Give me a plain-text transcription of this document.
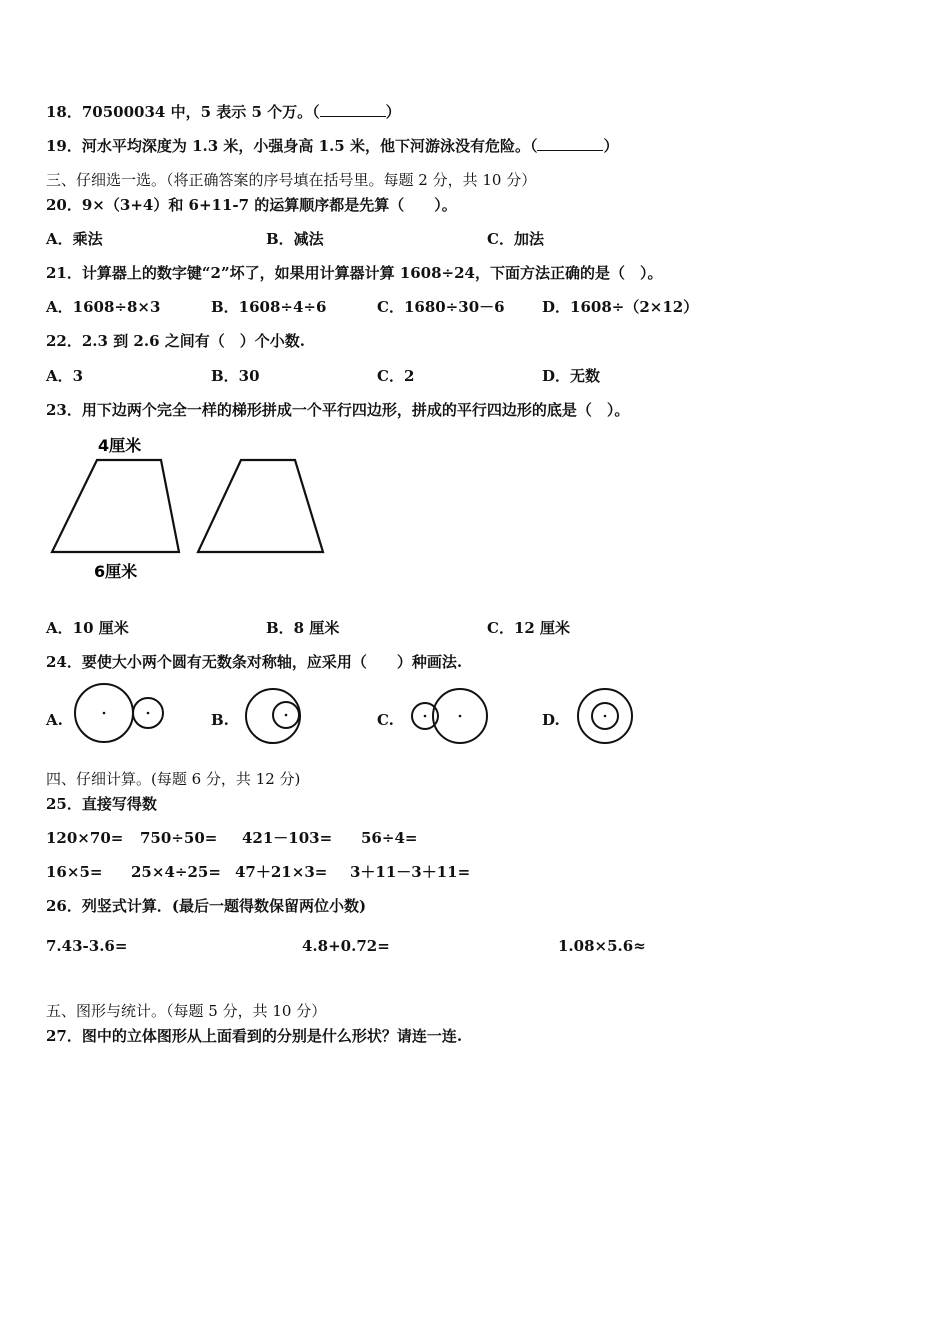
18．70500034 中，5 表示 5 个万。（	）
19．河水平均深度为 1.3 米，小强身高 1.5 米，他下河游泳没有危险。（	）
三、仔细选一选。（将正确答案的序号填在括号里。每题 2 分，共 10 分）
20．9×（3+4）和 6+11-7 的运算顺序都是先算（　　）。
A．乘法	B．减法	C．加法
21．计算器上的数字键“2”坏了，如果用计算器计算 1608÷24，下面方法正确的是（　）。
A．1608÷8×3	B．1608÷4÷6	C．1680÷30－6 D．1608÷（2×12）
22．2.3 到 2.6 之间有（　）个小数.
A．3	B．30	C．2	D．无数
23．用下边两个完全一样的梯形拼成一个平行四边形，拼成的平行四边形的底是（　）。
4厘米
6厘米
A．10 厘米	B．8 厘米	C．12 厘米
24．要使大小两个圆有无数条对称轴，应采用（　　）种画法.
A.	B.	C.	D.
四、仔细计算。(每题 6 分，共 12 分)
25．直接写得数
120×70= 750÷50= 421－103= 56÷4=
16×5= 25×4÷25= 47＋21×3= 3＋11－3＋11=
26．列竖式计算．(最后一题得数保留两位小数)
7.43-3.6=	4.8+0.72=	1.08×5.6≈
五、图形与统计。（每题 5 分，共 10 分）
27．图中的立体图形从上面看到的分别是什么形状？请连一连.
